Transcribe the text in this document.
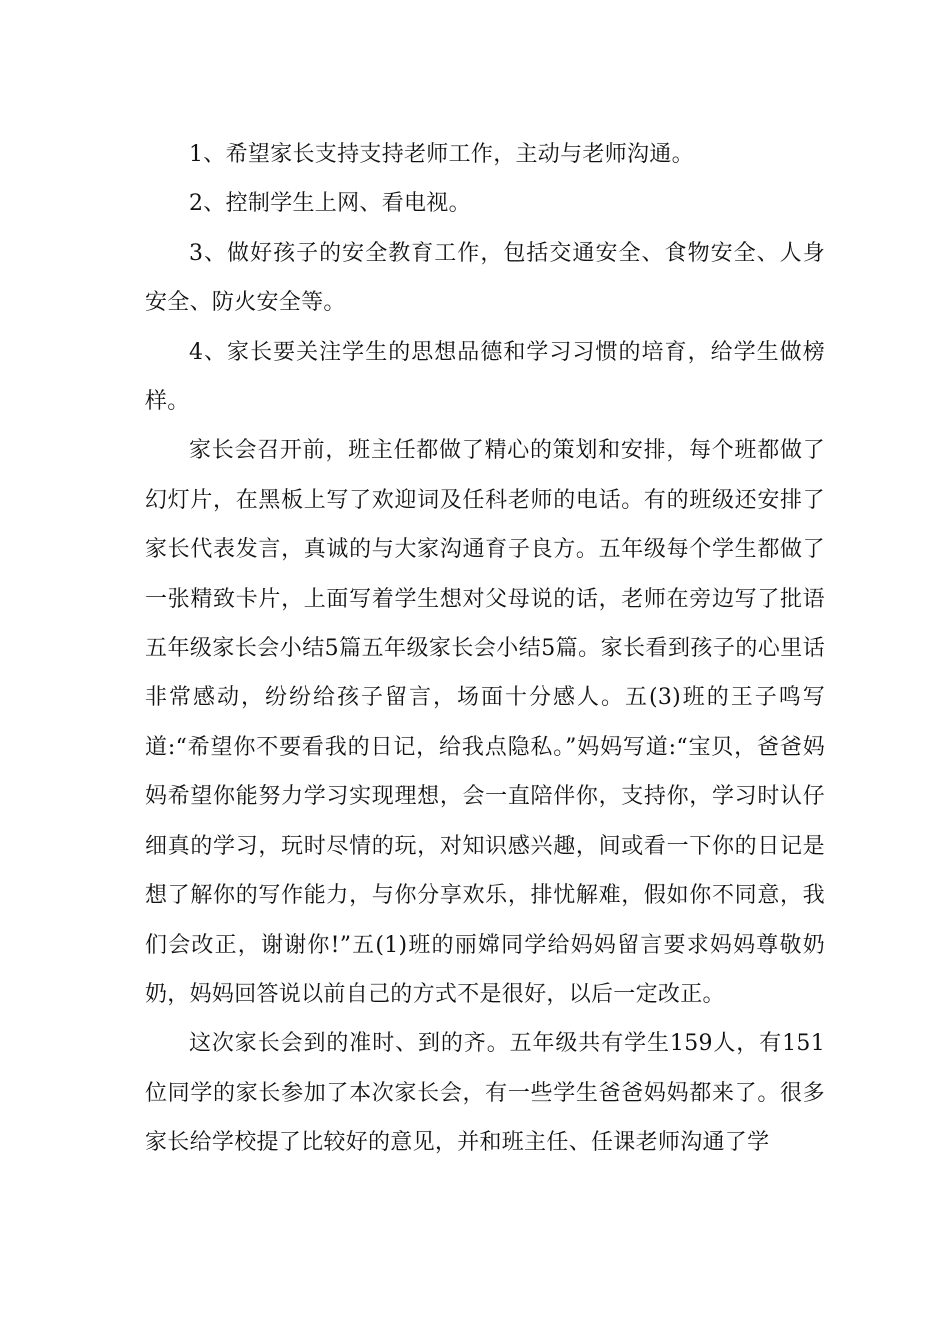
1、希望家长支持支持老师工作，主动与老师沟通。

2、控制学生上网、看电视。

3、做好孩子的安全教育工作，包括交通安全、食物安全、人身安全、防火安全等。

4、家长要关注学生的思想品德和学习习惯的培育，给学生做榜样。

家长会召开前，班主任都做了精心的策划和安排，每个班都做了幻灯片，在黑板上写了欢迎词及任科老师的电话。有的班级还安排了家长代表发言，真诚的与大家沟通育子良方。五年级每个学生都做了一张精致卡片，上面写着学生想对父母说的话，老师在旁边写了批语五年级家长会小结5篇五年级家长会小结5篇。家长看到孩子的心里话非常感动，纷纷给孩子留言，场面十分感人。五(3)班的王子鸣写道:“希望你不要看我的日记，给我点隐私。”妈妈写道:“宝贝，爸爸妈妈希望你能努力学习实现理想，会一直陪伴你，支持你，学习时认仔细真的学习，玩时尽情的玩，对知识感兴趣，间或看一下你的日记是想了解你的写作能力，与你分享欢乐，排忧解难，假如你不同意，我们会改正，谢谢你!”五(1)班的丽嫦同学给妈妈留言要求妈妈尊敬奶奶，妈妈回答说以前自己的方式不是很好，以后一定改正。

这次家长会到的准时、到的齐。五年级共有学生159人，有151位同学的家长参加了本次家长会，有一些学生爸爸妈妈都来了。很多家长给学校提了比较好的意见，并和班主任、任课老师沟通了学
